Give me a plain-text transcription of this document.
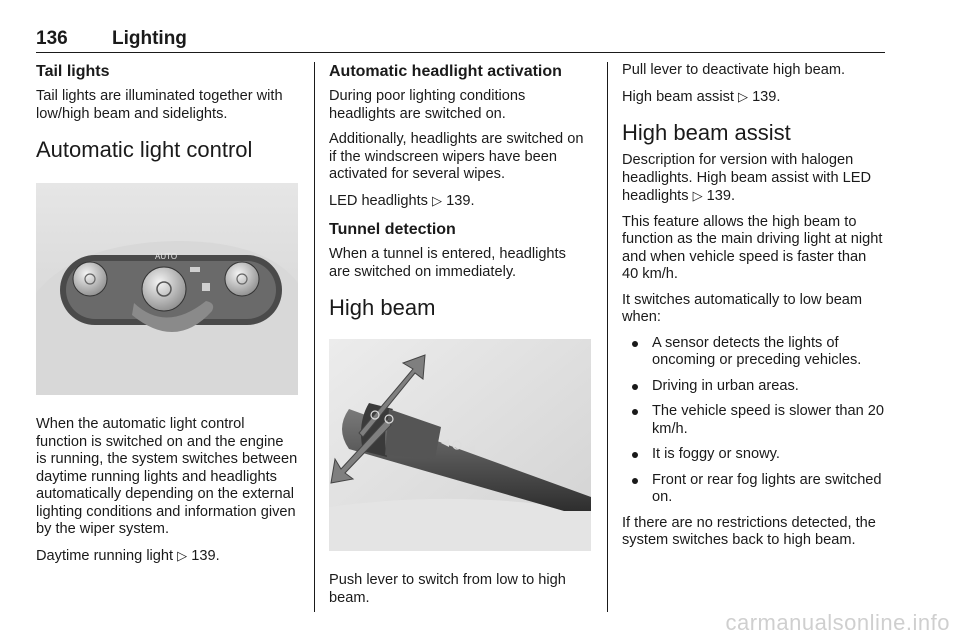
136 Lighting
Tail lights

Tail lights are illuminated together with low/high beam and sidelights.

Automatic light control
AUTO

When the automatic light control function is switched on and the engine is running, the system switches between daytime running lights and headlights automatically depending on the external lighting conditions and information given by the wiper system.

Daytime running light ▷ 139.

Automatic headlight activation

During poor lighting conditions headlights are switched on.

Additionally, headlights are switched on if the windscreen wipers have been activated for several wipes.

LED headlights ▷ 139.

Tunnel detection

When a tunnel is entered, headlights are switched on immediately.

High beam

Push lever to switch from low to high beam.

Pull lever to deactivate high beam.

High beam assist ▷ 139.

High beam assist

Description for version with halogen headlights. High beam assist with LED headlights ▷ 139.

This feature allows the high beam to function as the main driving light at night and when vehicle speed is faster than 40 km/h.

It switches automatically to low beam when:

A sensor detects the lights of oncoming or preceding vehicles.
Driving in urban areas.
The vehicle speed is slower than 20 km/h.
It is foggy or snowy.
Front or rear fog lights are switched on.

If there are no restrictions detected, the system switches back to high beam.

carmanualsonline.info
